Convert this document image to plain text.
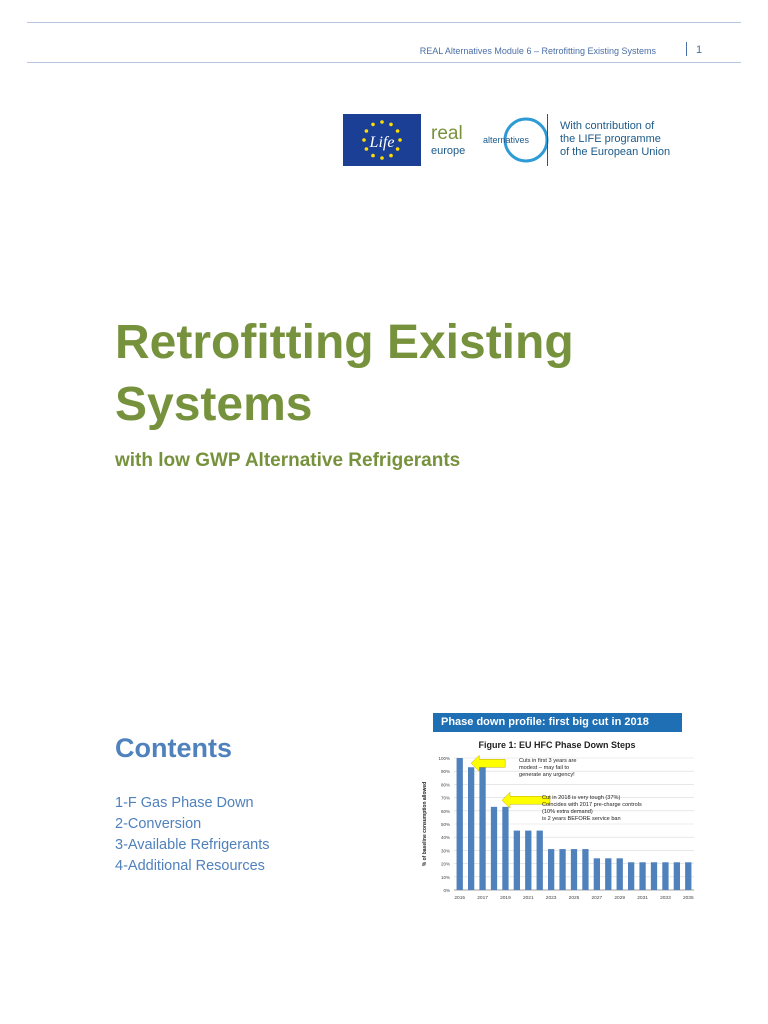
REAL Alternatives Module 6 – Retrofitting Existing Systems	1
Life real
europe
alternatives
With contribution of
the LIFE programme
of the European Union
Retrofitting Existing Systems
with low GWP Alternative Refrigerants
Contents
1-F Gas Phase Down
2-Conversion
3-Available Refrigerants
4-Additional Resources
Phase down profile: first big cut in 2018
Figure 1: EU HFC Phase Down Steps
0%
10%
20%
30%
40%
50%
60%
70%
80%
90%
100%
% of baseline consumption allowed
2015	2017	2019	2021	2023	2025	2027	2029	2031	2033	2035
Cuts in first 3 years are
modest – may fail to
generate any urgency!
Cut in 2018 is very tough (37%)
Coincides with 2017 pre-charge controls
(10% extra demand)
is 2 years BEFORE service ban
